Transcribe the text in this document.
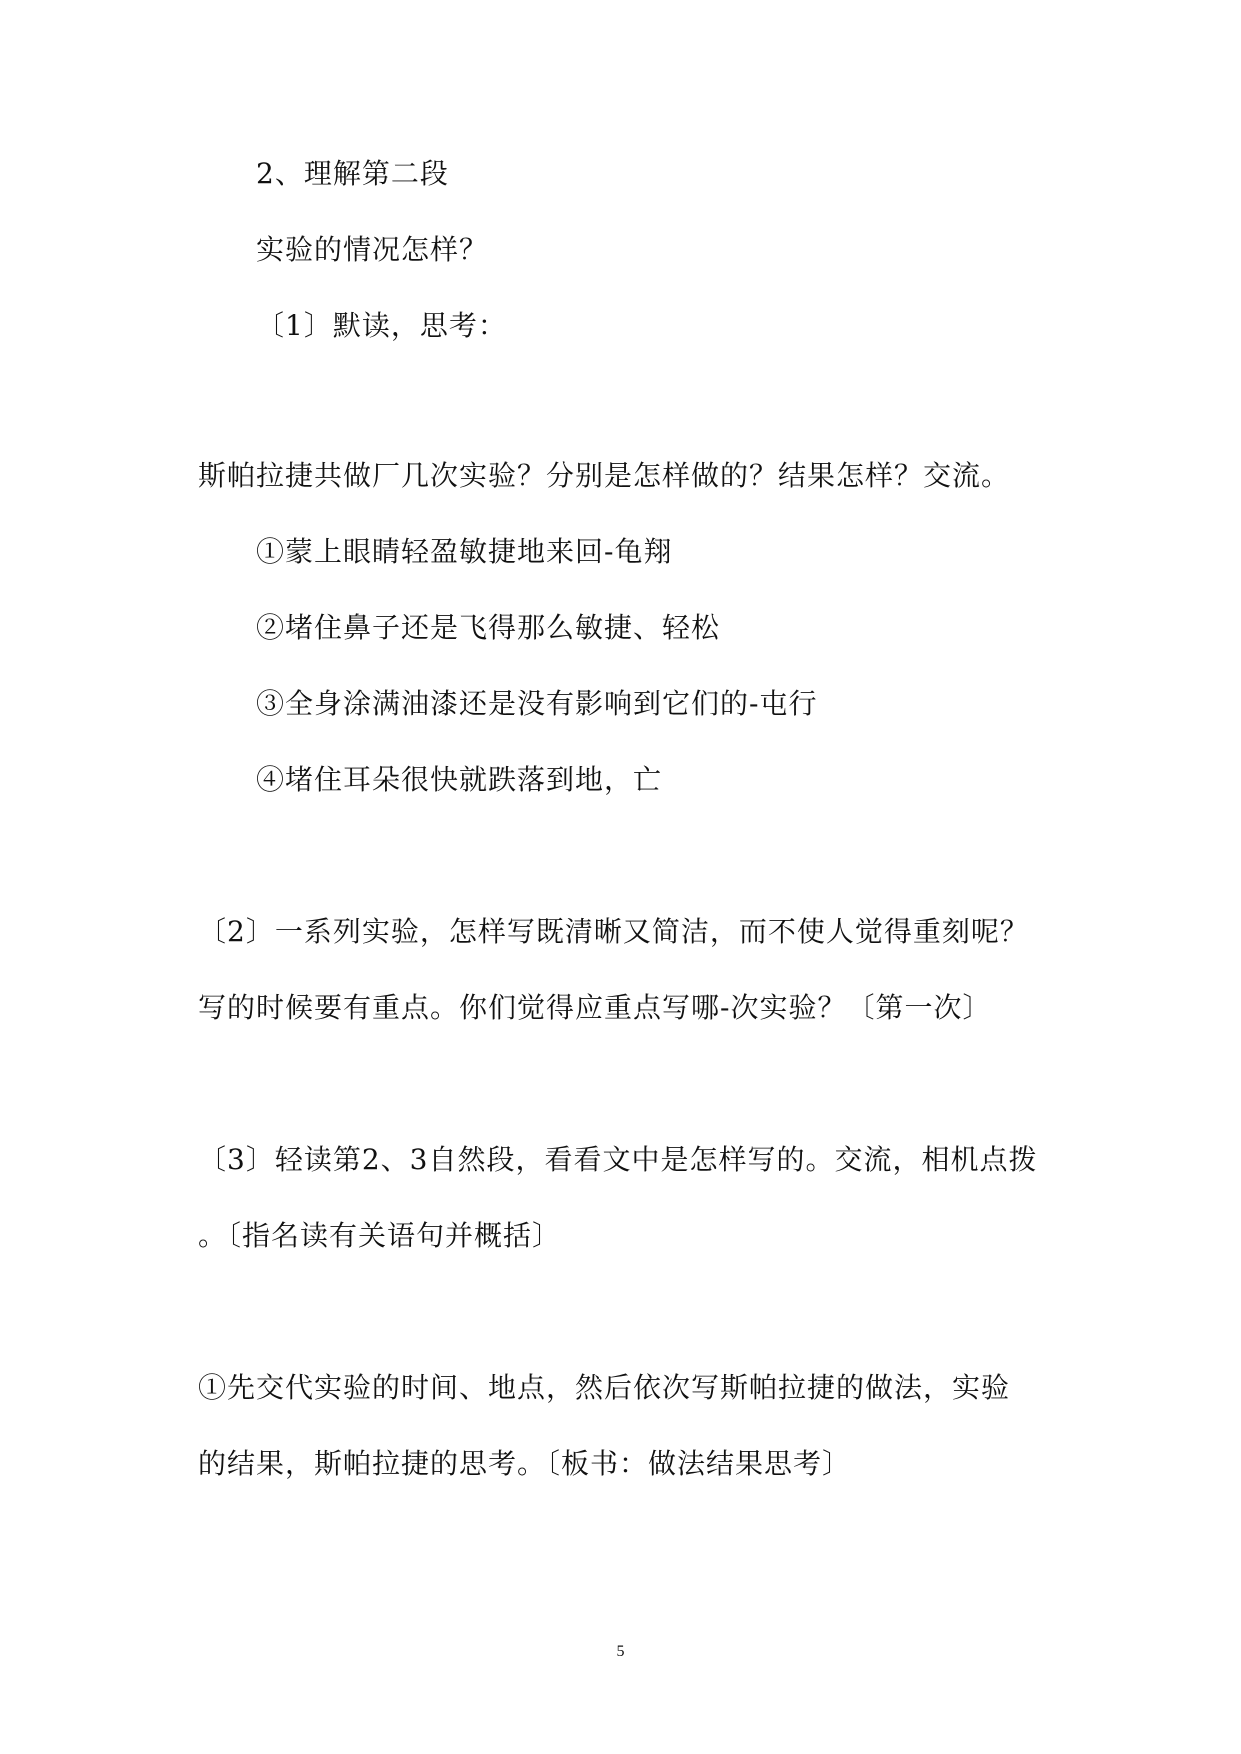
2、理解第二段
实验的情况怎样？
〔1〕默读，思考：
斯帕拉捷共做厂几次实验？分别是怎样做的？结果怎样？交流。
①蒙上眼睛轻盈敏捷地来回-龟翔
②堵住鼻子还是飞得那么敏捷、轻松
③全身涂满油漆还是没有影响到它们的-屯行
④堵住耳朵很快就跌落到地，亡
〔2〕一系列实验，怎样写既清晰又简洁，而不使人觉得重刻呢？
写的时候要有重点。你们觉得应重点写哪-次实验？〔第一次〕
〔3〕轻读第2、3自然段，看看文中是怎样写的。交流，相机点拨
。〔指名读有关语句并概括〕
①先交代实验的时间、地点，然后依次写斯帕拉捷的做法，实验
的结果，斯帕拉捷的思考。〔板书：做法结果思考〕
5
